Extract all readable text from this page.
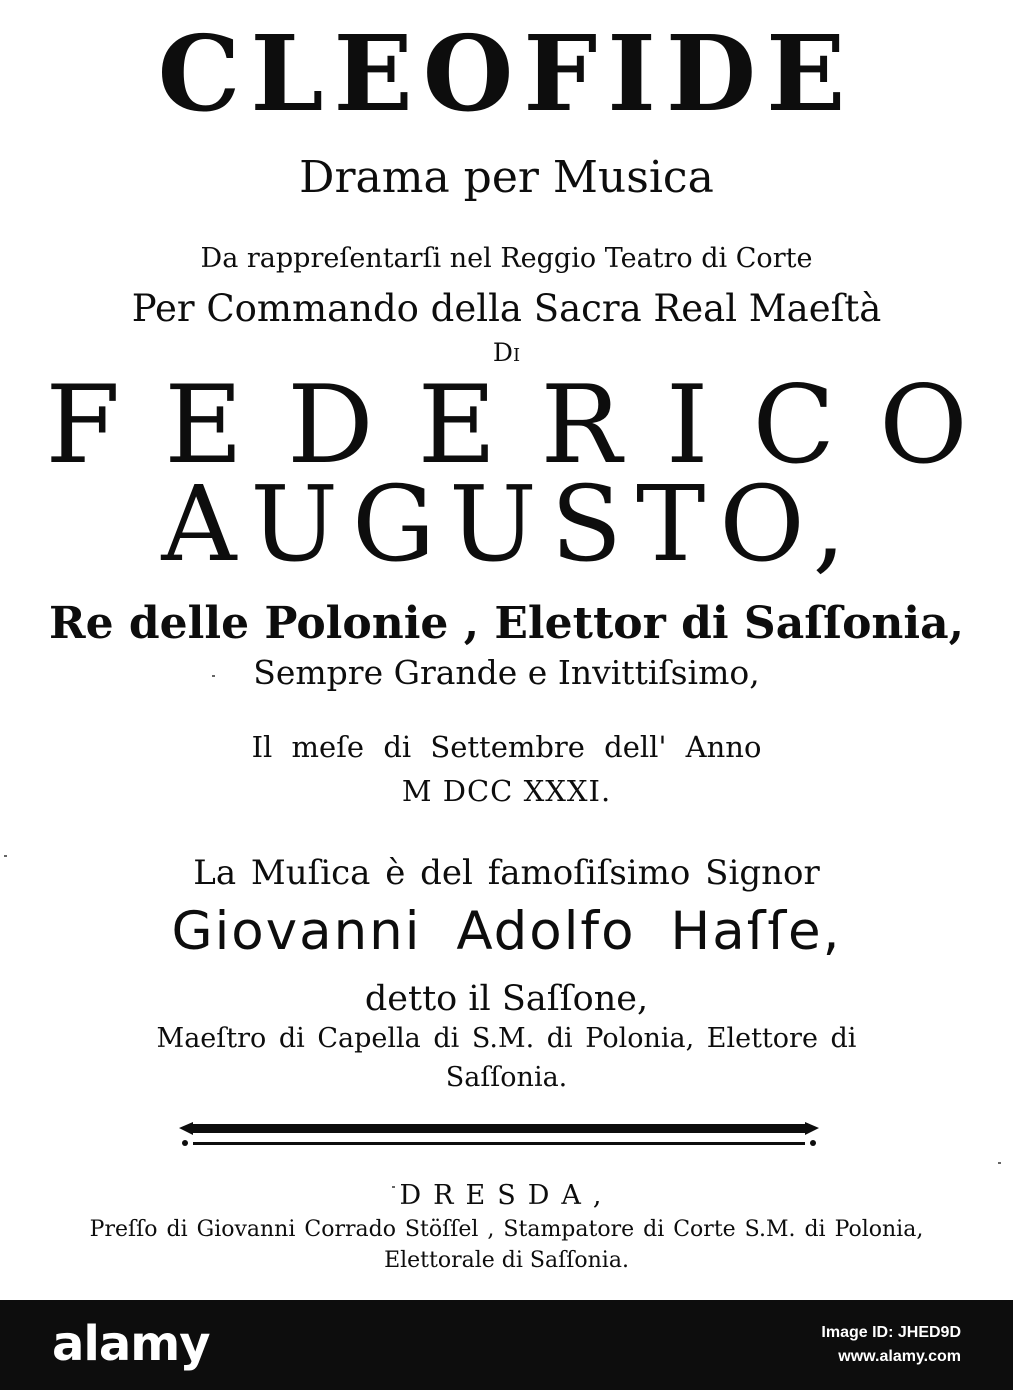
CLEOFIDE
Drama per Musica
Da rappreſentarſi nel Reggio Teatro di Corte
Per Commando della Sacra Real Maeſtà
Di
FEDERICO
AUGUSTO,
Re delle Polonie , Elettor di Saſſonia,
Sempre Grande e Invittiſsimo,
Il meſe di Settembre dell' Anno
M DCC XXXI.
La Muſica è del famoſiſsimo Signor
Giovanni Adolfo Haſſe,
detto il Saſſone,
Maeſtro di Capella di S.M. di Polonia, Elettore di
Saſſonia.
DRESDA,
Preſſo di Giovanni Corrado Stöſſel , Stampatore di Corte S.M. di Polonia,
Elettorale di Saſſonia.
alamy	Image ID: JHED9D
www.alamy.com
